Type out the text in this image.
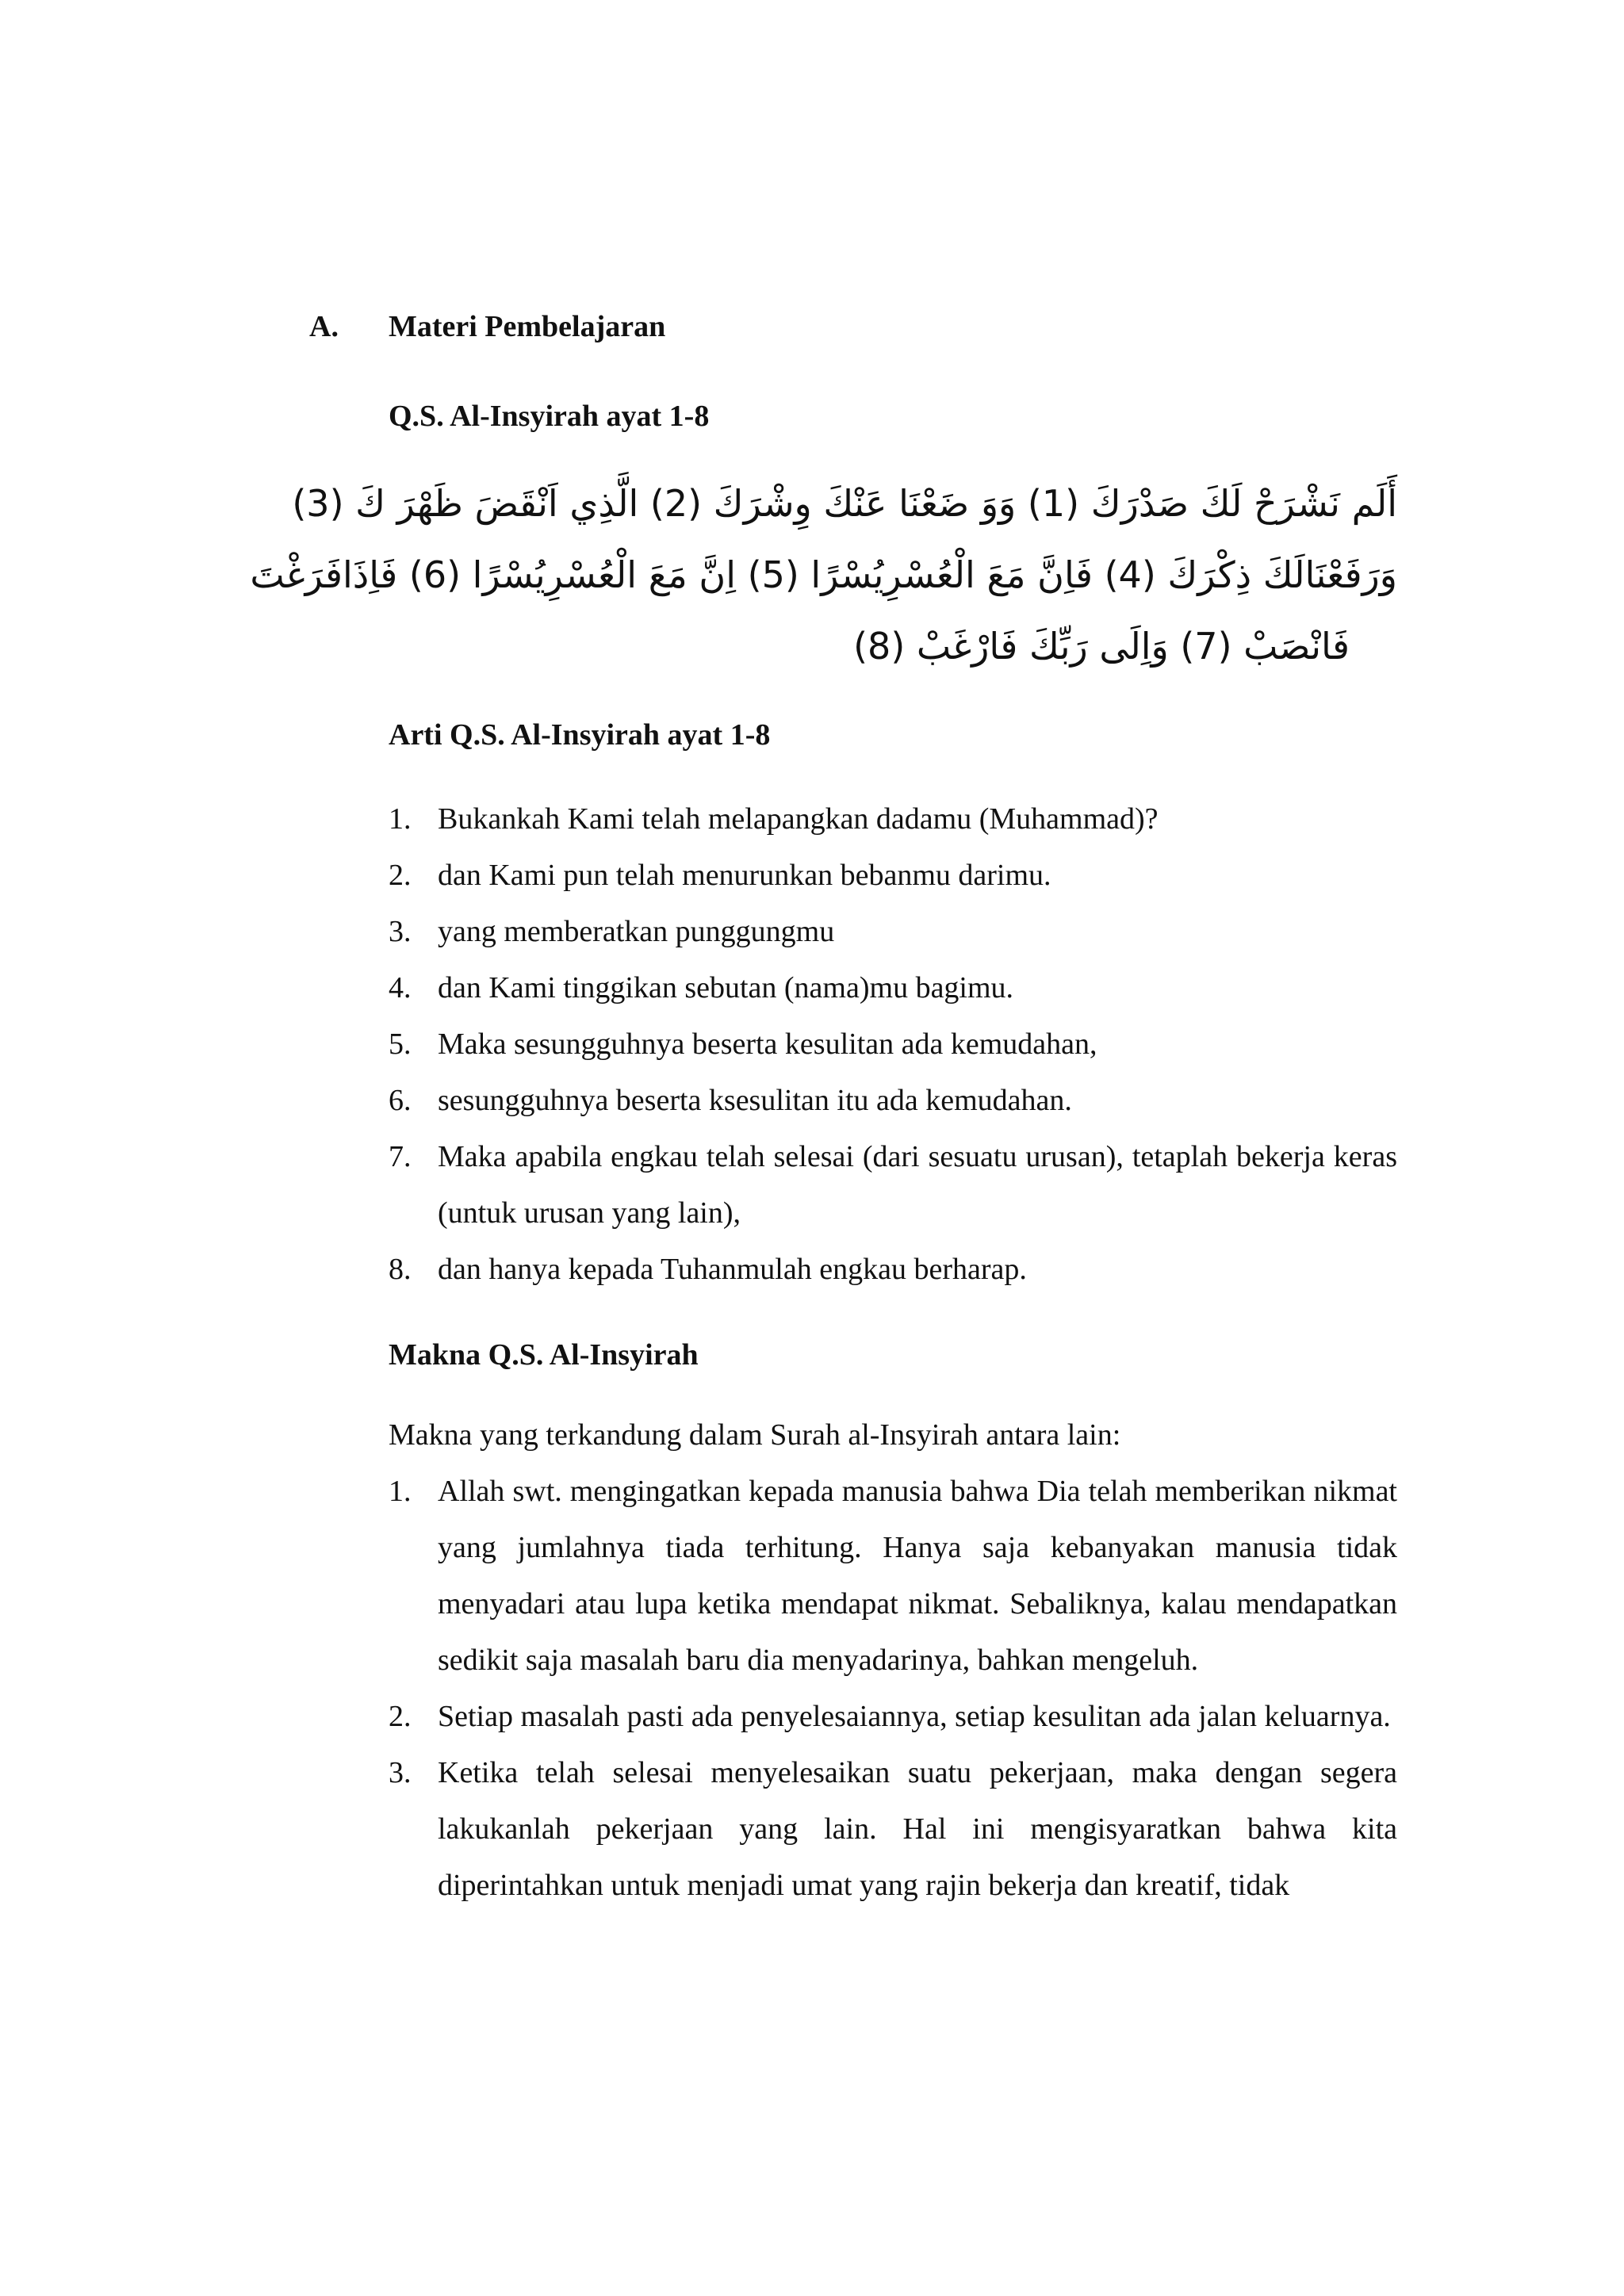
A.	Materi Pembelajaran
Q.S. Al-Insyirah ayat 1-8
أَلَم نَشْرَحْ لَكَ صَدْرَكَ (1) وَوَ ضَعْنَا عَنْكَ وِشْرَكَ (2) الَّذِي اَنْقَضَ ظَهْرَ كَ (3)
وَرَفَعْنَالَكَ ذِكْرَكَ (4) فَاِنَّ مَعَ الْعُسْرِيُسْرًا (5) اِنَّ مَعَ الْعُسْرِيُسْرًا (6) فَاِذَافَرَغْتَ
فَانْصَبْ (7) وَاِلَى رَبِّكَ فَارْغَبْ (8)
Arti Q.S. Al-Insyirah ayat 1-8
1. Bukankah Kami telah melapangkan dadamu (Muhammad)?
2. dan Kami pun telah menurunkan bebanmu darimu.
3. yang memberatkan punggungmu
4. dan Kami tinggikan sebutan (nama)mu bagimu.
5. Maka sesungguhnya beserta kesulitan ada kemudahan,
6. sesungguhnya beserta ksesulitan itu ada kemudahan.
7. Maka apabila engkau telah selesai (dari sesuatu urusan), tetaplah bekerja keras (untuk urusan yang lain),
8. dan hanya kepada Tuhanmulah engkau berharap.
Makna Q.S. Al-Insyirah
Makna yang terkandung dalam Surah al-Insyirah antara lain:
1. Allah swt. mengingatkan kepada manusia bahwa Dia telah memberikan nikmat yang jumlahnya tiada terhitung. Hanya saja kebanyakan manusia tidak menyadari atau lupa ketika mendapat nikmat. Sebaliknya, kalau mendapatkan sedikit saja masalah baru dia menyadarinya, bahkan mengeluh.
2. Setiap masalah pasti ada penyelesaiannya, setiap kesulitan ada jalan keluarnya.
3. Ketika telah selesai menyelesaikan suatu pekerjaan, maka dengan segera lakukanlah pekerjaan yang lain. Hal ini mengisyaratkan bahwa kita diperintahkan untuk menjadi umat yang rajin bekerja dan kreatif, tidak
